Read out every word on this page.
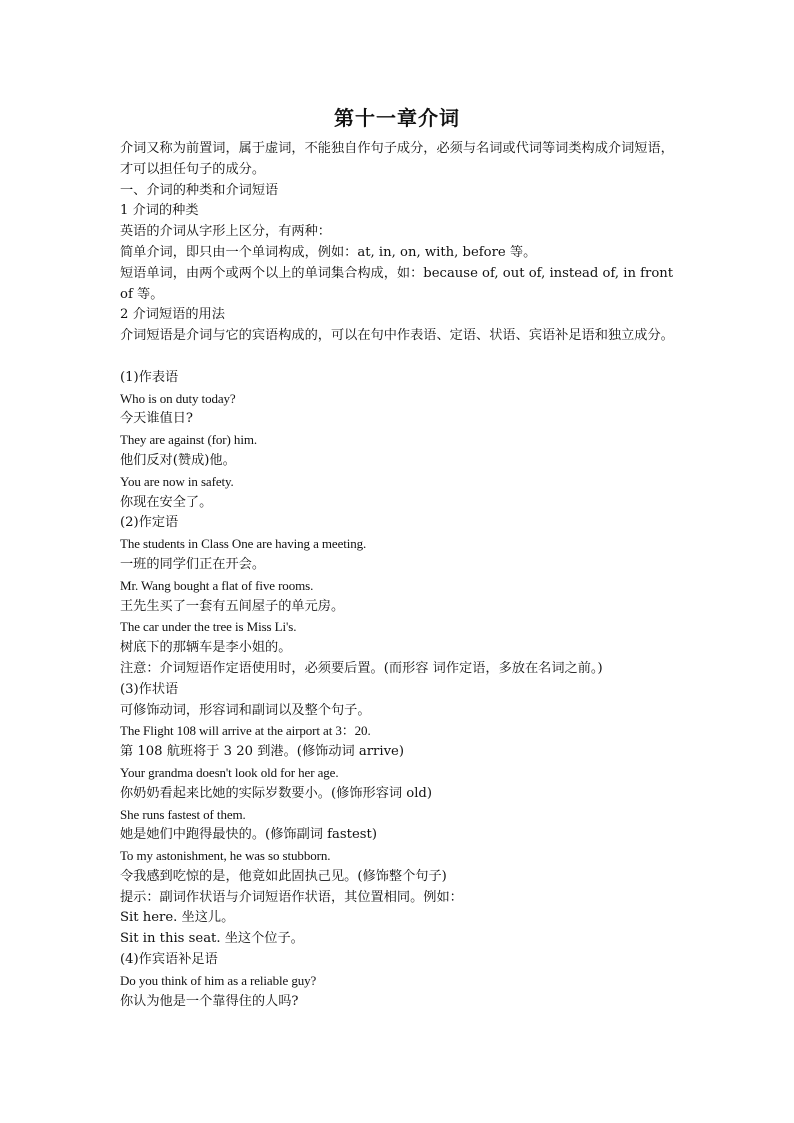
第十一章介词
介词又称为前置词，属于虚词，不能独自作句子成分，必须与名词或代词等词类构成介词短语，才可以担任句子的成分。
一、介词的种类和介词短语
1 介词的种类
英语的介词从字形上区分，有两种：
简单介词，即只由一个单词构成，例如：at, in, on, with, before 等。
短语单词，由两个或两个以上的单词集合构成，如：because of, out of, instead of, in front of 等。
2 介词短语的用法
介词短语是介词与它的宾语构成的，可以在句中作表语、定语、状语、宾语补足语和独立成分。
(1)作表语
Who is on duty today?
今天谁值日?
They are against (for) him.
他们反对(赞成)他。
You are now in safety.
你现在安全了。
(2)作定语
The students in Class One are having a meeting.
一班的同学们正在开会。
Mr. Wang bought a flat of five rooms.
王先生买了一套有五间屋子的单元房。
The car under the tree is Miss Li's.
树底下的那辆车是李小姐的。
注意：介词短语作定语使用时，必须要后置。(而形容 词作定语，多放在名词之前。)
(3)作状语
可修饰动词，形容词和副词以及整个句子。
The Flight 108 will arrive at the airport at 3：20.
第 108 航班将于 3 20 到港。(修饰动词 arrive)
Your grandma doesn't look old for her age.
你奶奶看起来比她的实际岁数要小。(修饰形容词 old)
She runs fastest of them.
她是她们中跑得最快的。(修饰副词 fastest)
To my astonishment, he was so stubborn.
令我感到吃惊的是，他竟如此固执己见。(修饰整个句子)
提示：副词作状语与介词短语作状语，其位置相同。例如：
Sit here. 坐这儿。
Sit in this seat. 坐这个位子。
(4)作宾语补足语
Do you think of him as a reliable guy?
你认为他是一个靠得住的人吗?
